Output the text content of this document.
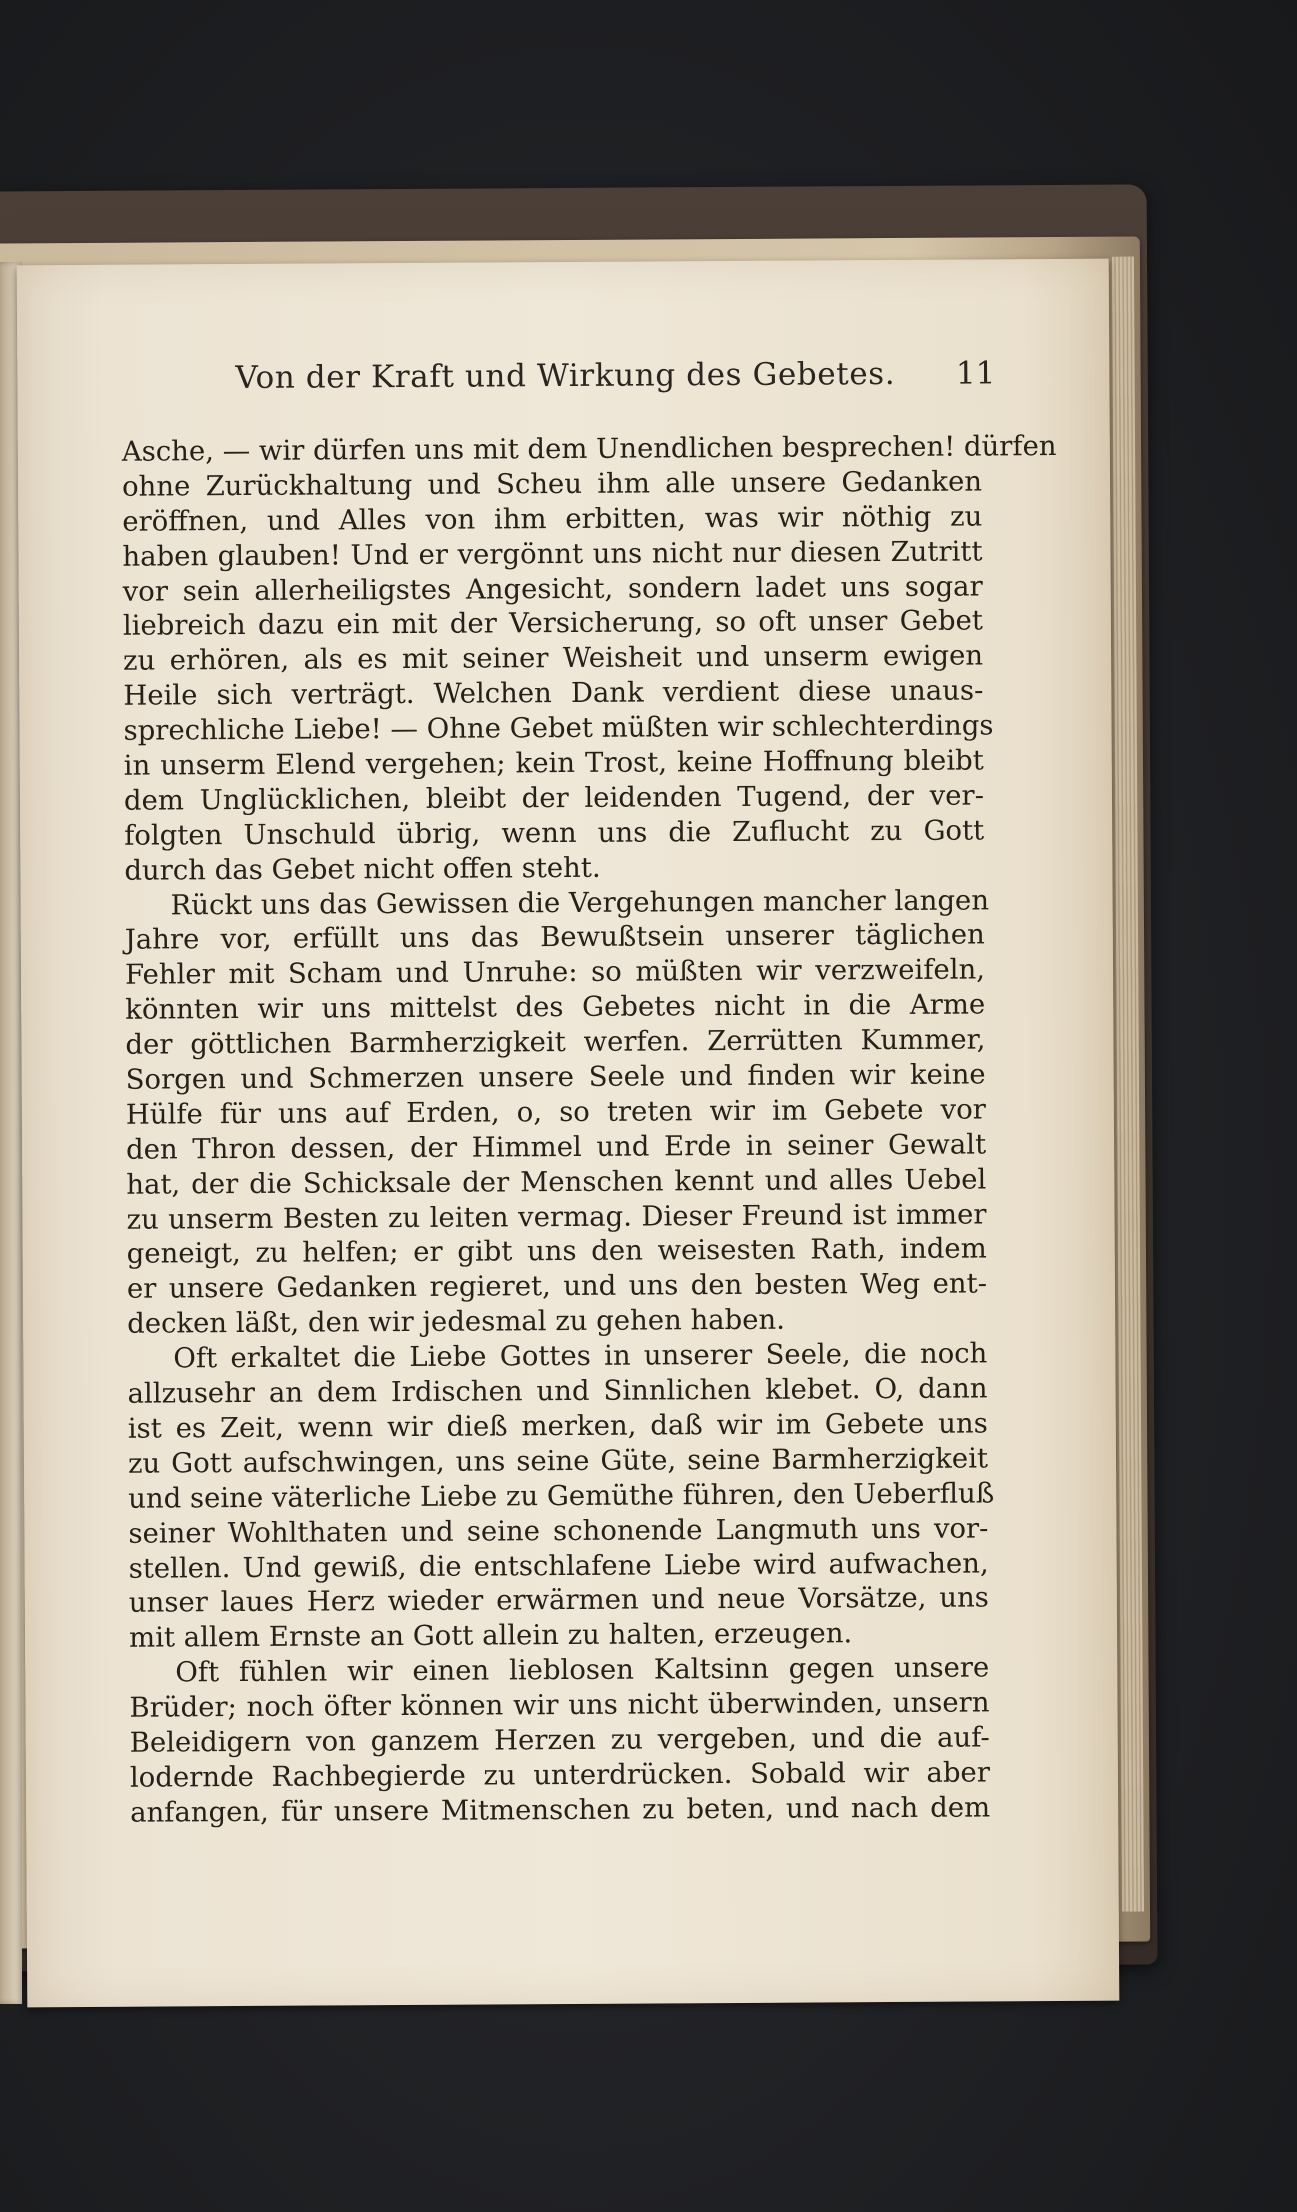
Von der Kraft und Wirkung des Gebetes. 11
Asche, — wir dürfen uns mit dem Unendlichen besprechen! dürfen
ohne Zurückhaltung und Scheu ihm alle unsere Gedanken
eröffnen, und Alles von ihm erbitten, was wir nöthig zu
haben glauben! Und er vergönnt uns nicht nur diesen Zutritt
vor sein allerheiligstes Angesicht, sondern ladet uns sogar
liebreich dazu ein mit der Versicherung, so oft unser Gebet
zu erhören, als es mit seiner Weisheit und unserm ewigen
Heile sich verträgt. Welchen Dank verdient diese unaus-
sprechliche Liebe! — Ohne Gebet müßten wir schlechterdings
in unserm Elend vergehen; kein Trost, keine Hoffnung bleibt
dem Unglücklichen, bleibt der leidenden Tugend, der ver-
folgten Unschuld übrig, wenn uns die Zuflucht zu Gott
durch das Gebet nicht offen steht.
Rückt uns das Gewissen die Vergehungen mancher langen
Jahre vor, erfüllt uns das Bewußtsein unserer täglichen
Fehler mit Scham und Unruhe: so müßten wir verzweifeln,
könnten wir uns mittelst des Gebetes nicht in die Arme
der göttlichen Barmherzigkeit werfen. Zerrütten Kummer,
Sorgen und Schmerzen unsere Seele und finden wir keine
Hülfe für uns auf Erden, o, so treten wir im Gebete vor
den Thron dessen, der Himmel und Erde in seiner Gewalt
hat, der die Schicksale der Menschen kennt und alles Uebel
zu unserm Besten zu leiten vermag. Dieser Freund ist immer
geneigt, zu helfen; er gibt uns den weisesten Rath, indem
er unsere Gedanken regieret, und uns den besten Weg ent-
decken läßt, den wir jedesmal zu gehen haben.
Oft erkaltet die Liebe Gottes in unserer Seele, die noch
allzusehr an dem Irdischen und Sinnlichen klebet. O, dann
ist es Zeit, wenn wir dieß merken, daß wir im Gebete uns
zu Gott aufschwingen, uns seine Güte, seine Barmherzigkeit
und seine väterliche Liebe zu Gemüthe führen, den Ueberfluß
seiner Wohlthaten und seine schonende Langmuth uns vor-
stellen. Und gewiß, die entschlafene Liebe wird aufwachen,
unser laues Herz wieder erwärmen und neue Vorsätze, uns
mit allem Ernste an Gott allein zu halten, erzeugen.
Oft fühlen wir einen lieblosen Kaltsinn gegen unsere
Brüder; noch öfter können wir uns nicht überwinden, unsern
Beleidigern von ganzem Herzen zu vergeben, und die auf-
lodernde Rachbegierde zu unterdrücken. Sobald wir aber
anfangen, für unsere Mitmenschen zu beten, und nach dem
